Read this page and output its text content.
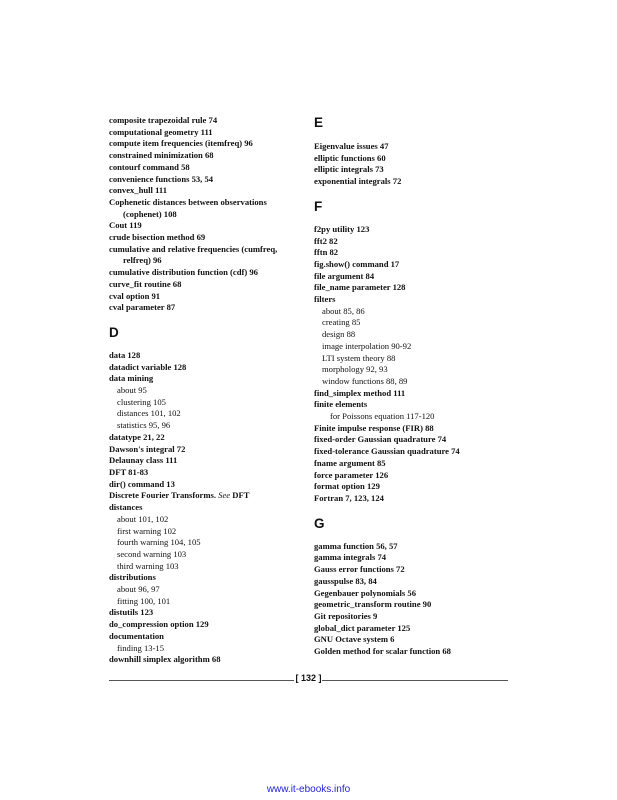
composite trapezoidal rule 74
computational geometry 111
compute item frequencies (itemfreq) 96
constrained minimization 68
contourf command 58
convenience functions 53, 54
convex_hull 111
Cophenetic distances between observations (cophenet) 108
Cout 119
crude bisection method 69
cumulative and relative frequencies (cumfreq, relfreq) 96
cumulative distribution function (cdf) 96
curve_fit routine 68
cval option 91
cval parameter 87
D
data 128
datadict variable 128
data mining
about 95
clustering 105
distances 101, 102
statistics 95, 96
datatype 21, 22
Dawson's integral 72
Delaunay class 111
DFT 81-83
dir() command 13
Discrete Fourier Transforms. See DFT
distances
about 101, 102
first warning 102
fourth warning 104, 105
second warning 103
third warning 103
distributions
about 96, 97
fitting 100, 101
distutils 123
do_compression option 129
documentation
finding 13-15
downhill simplex algorithm 68
E
Eigenvalue issues 47
elliptic functions 60
elliptic integrals 73
exponential integrals 72
F
f2py utility 123
fft2 82
fftn 82
fig.show() command 17
file argument 84
file_name parameter 128
filters
about 85, 86
creating 85
design 88
image interpolation 90-92
LTI system theory 88
morphology 92, 93
window functions 88, 89
find_simplex method 111
finite elements
for Poissons equation 117-120
Finite impulse response (FIR) 88
fixed-order Gaussian quadrature 74
fixed-tolerance Gaussian quadrature 74
fname argument 85
force parameter 126
format option 129
Fortran 7, 123, 124
G
gamma function 56, 57
gamma integrals 74
Gauss error functions 72
gausspulse 83, 84
Gegenbauer polynomials 56
geometric_transform routine 90
Git repositories 9
global_dict parameter 125
GNU Octave system 6
Golden method for scalar function 68
[ 132 ]
www.it-ebooks.info
